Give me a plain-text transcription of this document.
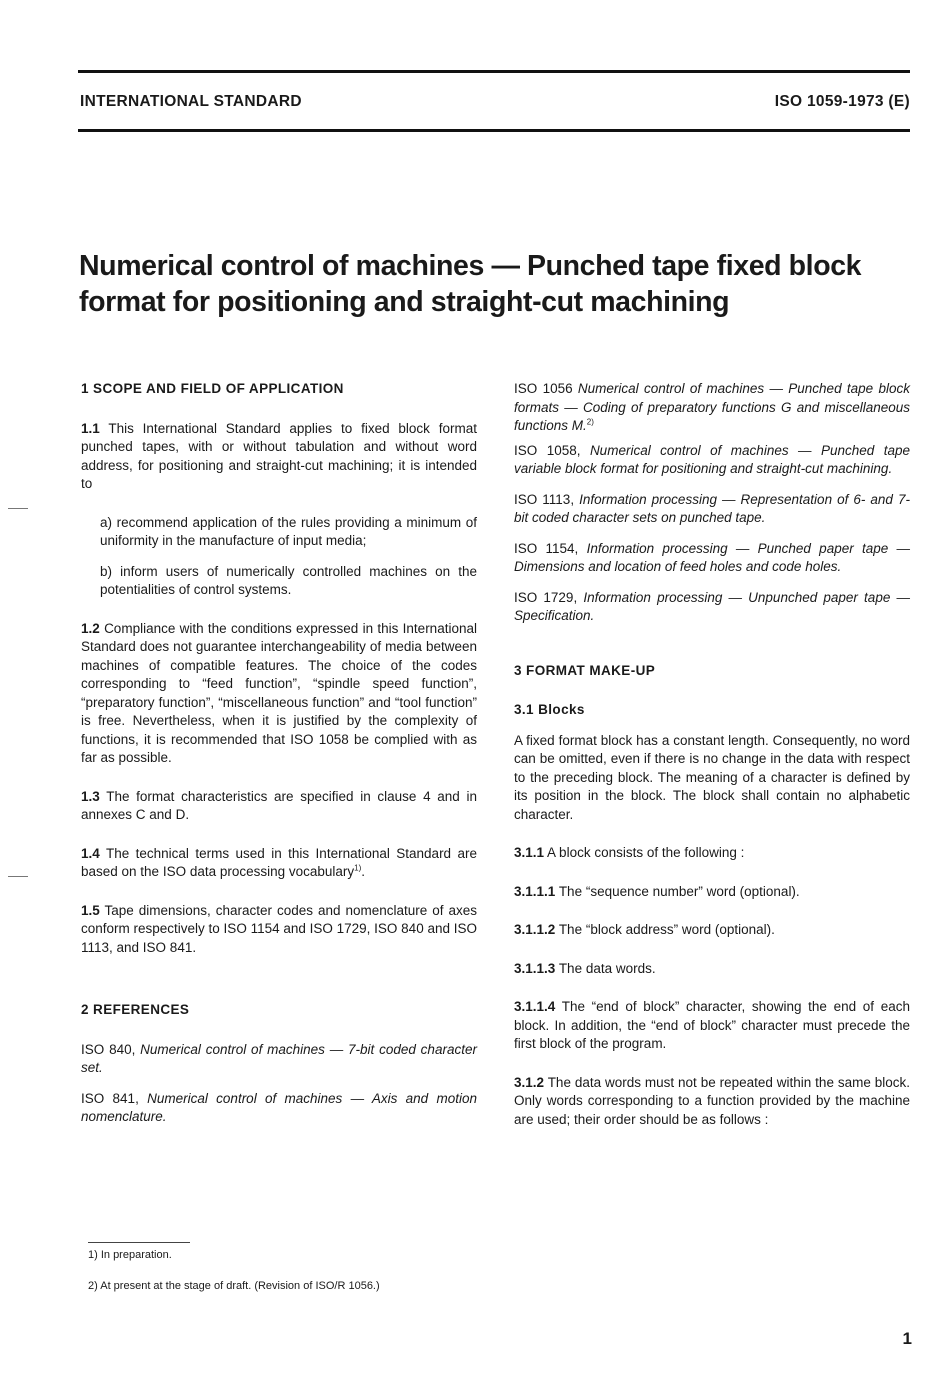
INTERNATIONAL STANDARD	ISO 1059-1973 (E)
Numerical control of machines — Punched tape fixed block format for positioning and straight-cut machining

1 SCOPE AND FIELD OF APPLICATION

1.1 This International Standard applies to fixed block format punched tapes, with or without tabulation and without word address, for positioning and straight-cut machining; it is intended to

a) recommend application of the rules providing a minimum of uniformity in the manufacture of input media;

b) inform users of numerically controlled machines on the potentialities of control systems.

1.2 Compliance with the conditions expressed in this International Standard does not guarantee interchangeability of media between machines of compatible features. The choice of the codes corresponding to “feed function”, “spindle speed function”, “preparatory function”, “miscellaneous function” and “tool function” is free. Nevertheless, when it is justified by the complexity of functions, it is recommended that ISO 1058 be complied with as far as possible.

1.3 The format characteristics are specified in clause 4 and in annexes C and D.

1.4 The technical terms used in this International Standard are based on the ISO data processing vocabulary$^{1)}$.

1.5 Tape dimensions, character codes and nomenclature of axes conform respectively to ISO 1154 and ISO 1729, ISO 840 and ISO 1113, and ISO 841.

2 REFERENCES

ISO 840, Numerical control of machines — 7-bit coded character set.

ISO 841, Numerical control of machines — Axis and motion nomenclature.

ISO 1056 Numerical control of machines — Punched tape block formats — Coding of preparatory functions G and miscellaneous functions M.$^{2)}$

ISO 1058, Numerical control of machines — Punched tape variable block format for positioning and straight-cut machining.

ISO 1113, Information processing — Representation of 6- and 7-bit coded character sets on punched tape.

ISO 1154, Information processing — Punched paper tape — Dimensions and location of feed holes and code holes.

ISO 1729, Information processing — Unpunched paper tape — Specification.

3 FORMAT MAKE-UP

3.1 Blocks

A fixed format block has a constant length. Consequently, no word can be omitted, even if there is no change in the data with respect to the preceding block. The meaning of a character is defined by its position in the block. The block shall contain no alphabetic character.

3.1.1 A block consists of the following :

3.1.1.1 The “sequence number” word (optional).

3.1.1.2 The “block address” word (optional).

3.1.1.3 The data words.

3.1.1.4 The “end of block” character, showing the end of each block. In addition, the “end of block” character must precede the first block of the program.

3.1.2 The data words must not be repeated within the same block. Only words corresponding to a function provided by the machine are used; their order should be as follows :

1) In preparation.
2) At present at the stage of draft. (Revision of ISO/R 1056.)
1
